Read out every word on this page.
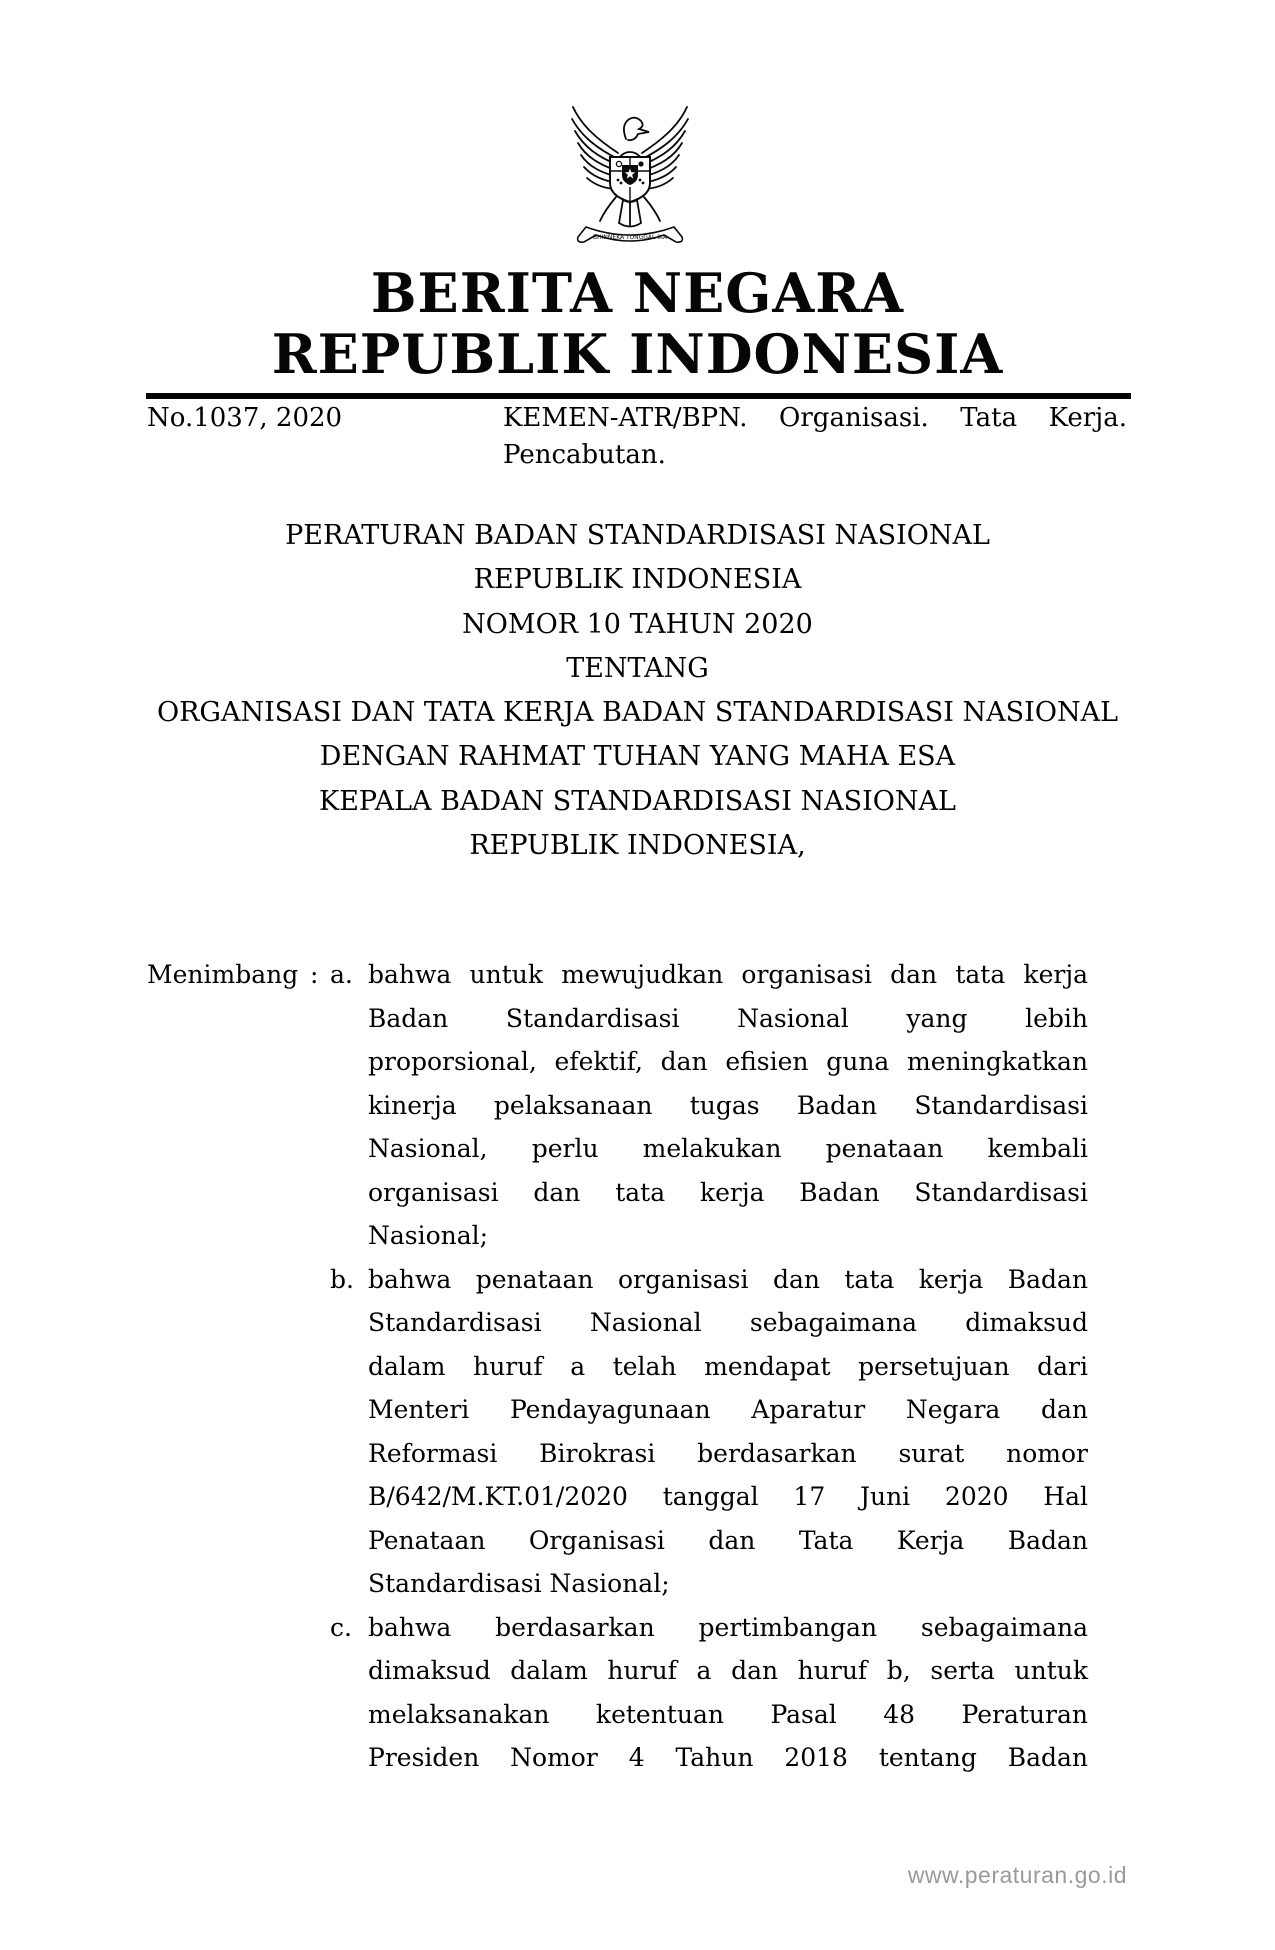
BHINNEKA TUNGGAL IKA
BERITA NEGARA
REPUBLIK INDONESIA
No.1037, 2020	KEMEN-ATR/BPN. Organisasi. Tata Kerja.
Pencabutan.
PERATURAN BADAN STANDARDISASI NASIONAL
REPUBLIK INDONESIA
NOMOR 10 TAHUN 2020
TENTANG
ORGANISASI DAN TATA KERJA BADAN STANDARDISASI NASIONAL
DENGAN RAHMAT TUHAN YANG MAHA ESA
KEPALA BADAN STANDARDISASI NASIONAL
REPUBLIK INDONESIA,
Menimbang : a. bahwa untuk mewujudkan organisasi dan tata kerja
Badan Standardisasi Nasional yang lebih
proporsional, efektif, dan efisien guna meningkatkan
kinerja pelaksanaan tugas Badan Standardisasi
Nasional, perlu melakukan penataan kembali
organisasi dan tata kerja Badan Standardisasi
Nasional;
b. bahwa penataan organisasi dan tata kerja Badan
Standardisasi Nasional sebagaimana dimaksud
dalam huruf a telah mendapat persetujuan dari
Menteri Pendayagunaan Aparatur Negara dan
Reformasi Birokrasi berdasarkan surat nomor
B/642/M.KT.01/2020 tanggal 17 Juni 2020 Hal
Penataan Organisasi dan Tata Kerja Badan
Standardisasi Nasional;
c. bahwa berdasarkan pertimbangan sebagaimana
dimaksud dalam huruf a dan huruf b, serta untuk
melaksanakan ketentuan Pasal 48 Peraturan
Presiden Nomor 4 Tahun 2018 tentang Badan
www.peraturan.go.id
